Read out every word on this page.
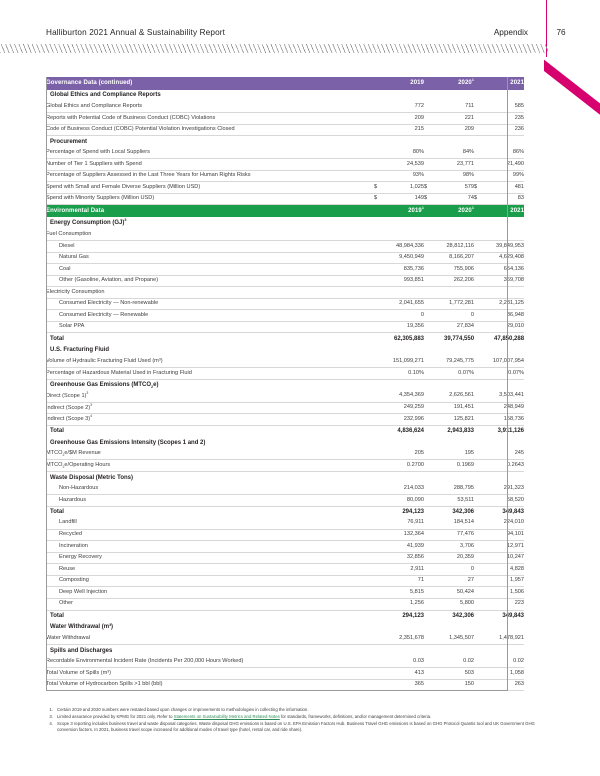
Halliburton 2021 Annual & Sustainability Report	Appendix	76
Governance Data (continued)		2019	2020$^1$		2021	
Global Ethics and Compliance Reports						
Global Ethics and Compliance Reports		772		711		585
Reports with Potential Code of Business Conduct (COBC) Violations		209		221		235
Code of Business Conduct (COBC) Potential Violation Investigations Closed		215		209		236
Procurement						
Percentage of Spend with Local Suppliers		80%		84%		86%
Number of Tier 1 Suppliers with Spend		24,539		23,771		21,490
Percentage of Suppliers Assessed in the Last Three Years for Human Rights Risks		93%		98%		99%
Spend with Small and Female Diverse Suppliers (Million USD)	$	1,025	$	579	$	481
Spend with Minority Suppliers (Million USD)	$	149	$	74	$	83
Environmental Data		2019$^1$	2020$^1$		2021	
Energy Consumption (GJ)$^3$
Fuel Consumption						
Diesel		48,984,336		28,812,116		39,849,953
Natural Gas		9,450,949		8,166,207		4,629,408
Coal		835,736		755,906		654,136
Other (Gasoline, Aviation, and Propane)		993,851		262,206		369,708
Electricity Consumption						
Consumed Electricity — Non-renewable		2,041,655		1,772,281		2,281,125
Consumed Electricity — Renewable		0		0		36,948
Solar PPA		19,356		27,834		29,010
Total		62,305,883		39,774,550		47,850,288
U.S. Fracturing Fluid						
Volume of Hydraulic Fracturing Fluid Used (m³)		151,099,271		79,245,775		107,007,954
Percentage of Hazardous Material Used in Fracturing Fluid		0.10%		0.07%		0.07%
Greenhouse Gas Emissions $(MTCO_2e)$						
Direct (Scope 1)$^3$		4,354,369		2,626,561		3,503,441
Indirect (Scope 2)$^3$		249,259		191,451		248,949
Indirect (Scope 3)$^4$		232,996		125,821		158,736
Total		4,836,624		2,943,833		3,911,126
Greenhouse Gas Emissions Intensity (Scopes 1 and 2)						
$MTCO_2e/\$M$ Revenue		205		195		245
$MTCO_2e$/Operating Hours		0.2700		0.1969		0.2643
Waste Disposal (Metric Tons)						
Non-Hazardous		214,033		288,795		291,323
Hazardous		80,090		53,511		58,520
Total		294,123		342,306		349,843
Landfill		76,911		184,514		224,010
Recycled		132,364		77,476		94,101
Incineration		41,939		3,706		12,971
Energy Recovery		32,856		20,359		10,247
Reuse		2,911		0		4,828
Composting		71		27		1,957
Deep Well Injection		5,815		50,424		1,506
Other		1,256		5,800		223
Total		294,123		342,306		349,843
Water Withdrawal (m³)						
Water Withdrawal		2,351,678		1,345,507		1,478,921
Spills and Discharges						
Recordable Environmental Incident Rate (Incidents Per 200,000 Hours Worked)		0.03		0.02		0.02
Total Volume of Spills (m³)		413		503		1,058
Total Volume of Hydrocarbon Spills >1 bbl (bbl)		365		150		263
1. Certain 2019 and 2020 numbers were restated based upon changes or improvements to methodologies in collecting the information.
3. Limited assurance provided by KPMG for 2021 only. Refer to Statements on Sustainability Metrics and Related Notes for standards, frameworks, definitions, and/or management determined criteria.
4. Scope 3 reporting includes business travel and waste disposal categories. Waste disposal GHG emissions is based on U.S. EPA Emission Factors Hub. Business Travel GHG emissions is based on GHG Protocol Quantis tool and UK Government GHG conversion factors. In 2021, business travel scope increased for additional modes of travel type (hotel, rental car, and ride share).
